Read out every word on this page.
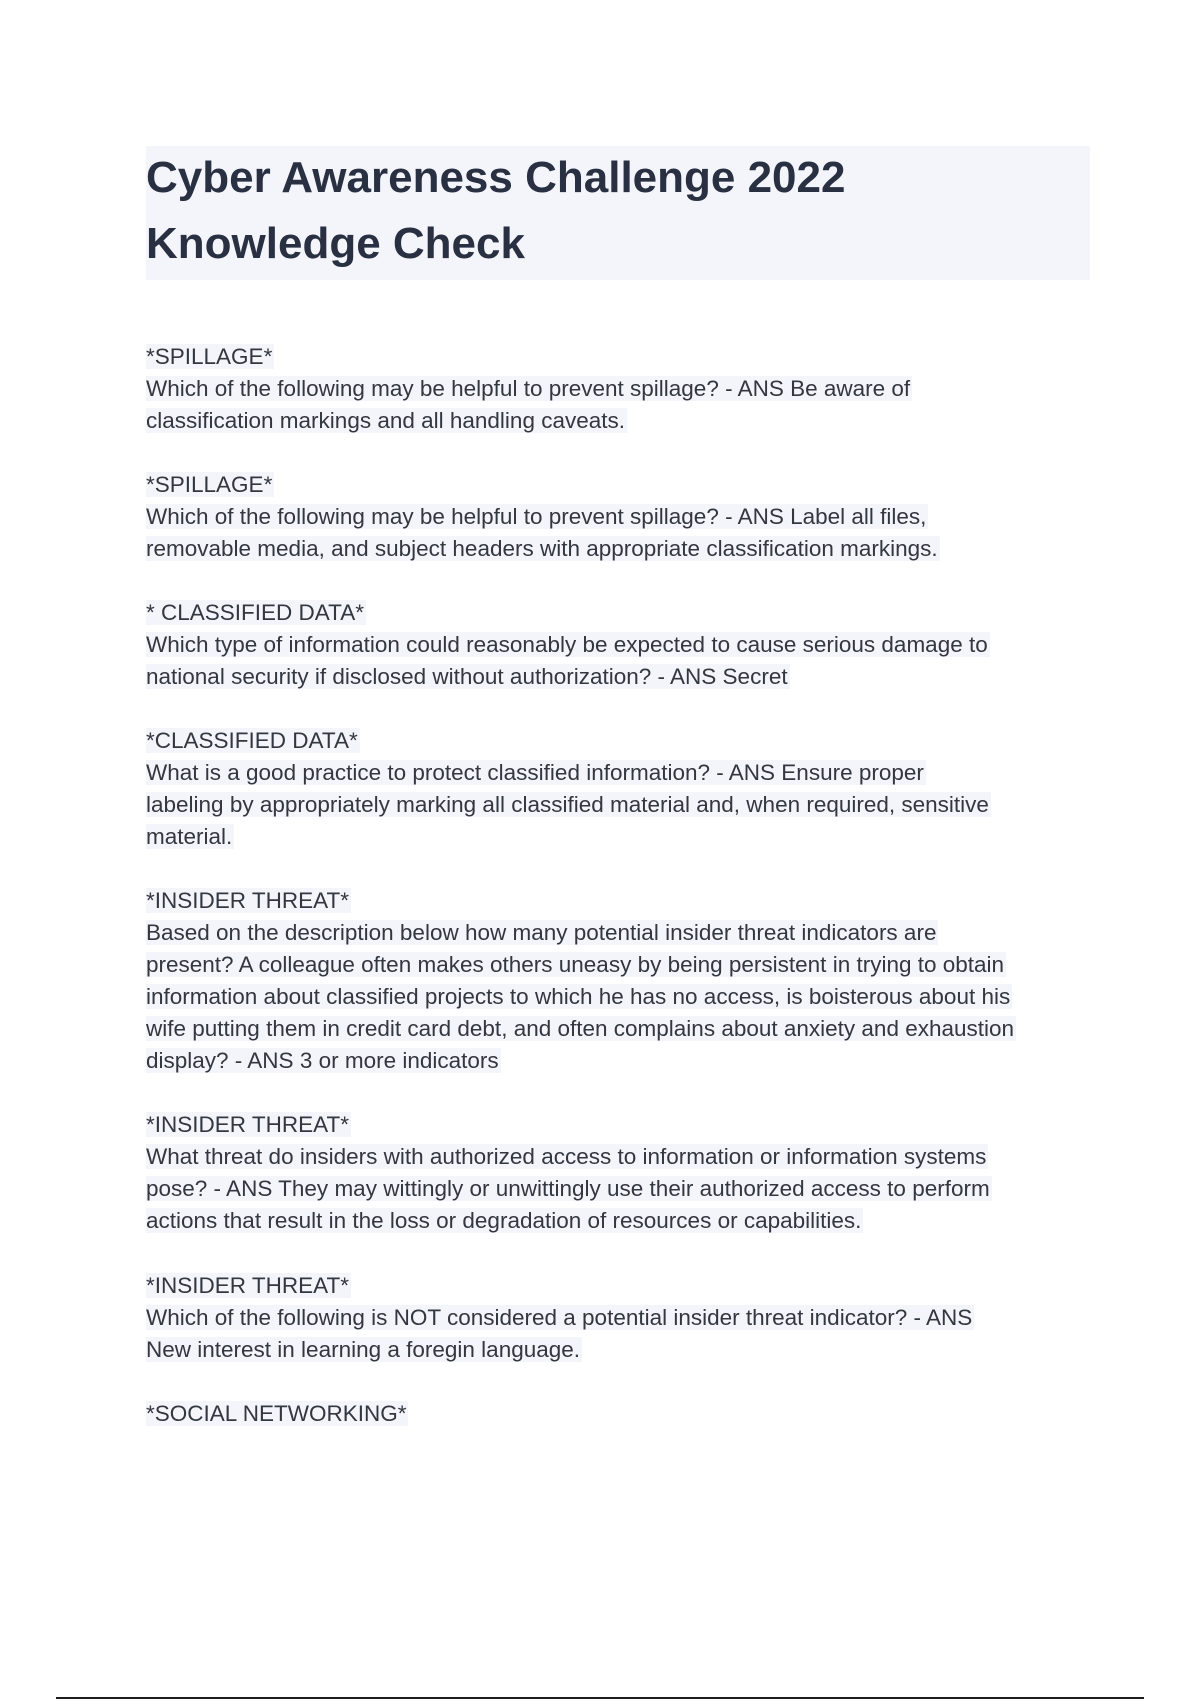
Cyber Awareness Challenge 2022
Knowledge Check
*SPILLAGE*
Which of the following may be helpful to prevent spillage? - ANS Be aware of
classification markings and all handling caveats.
*SPILLAGE*
Which of the following may be helpful to prevent spillage? - ANS Label all files,
removable media, and subject headers with appropriate classification markings.
* CLASSIFIED DATA*
Which type of information could reasonably be expected to cause serious damage to
national security if disclosed without authorization? - ANS Secret
*CLASSIFIED DATA*
What is a good practice to protect classified information? - ANS Ensure proper
labeling by appropriately marking all classified material and, when required, sensitive
material.
*INSIDER THREAT*
Based on the description below how many potential insider threat indicators are
present? A colleague often makes others uneasy by being persistent in trying to obtain
information about classified projects to which he has no access, is boisterous about his
wife putting them in credit card debt, and often complains about anxiety and exhaustion
display? - ANS 3 or more indicators
*INSIDER THREAT*
What threat do insiders with authorized access to information or information systems
pose? - ANS They may wittingly or unwittingly use their authorized access to perform
actions that result in the loss or degradation of resources or capabilities.
*INSIDER THREAT*
Which of the following is NOT considered a potential insider threat indicator? - ANS
New interest in learning a foregin language.
*SOCIAL NETWORKING*
